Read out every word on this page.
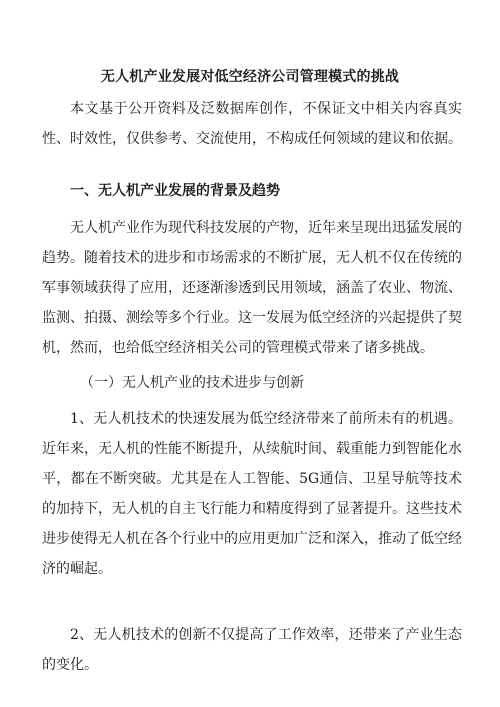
无人机产业发展对低空经济公司管理模式的挑战

本文基于公开资料及泛数据库创作，不保证文中相关内容真实性、时效性，仅供参考、交流使用，不构成任何领域的建议和依据。

一、无人机产业发展的背景及趋势

无人机产业作为现代科技发展的产物，近年来呈现出迅猛发展的趋势。随着技术的进步和市场需求的不断扩展，无人机不仅在传统的军事领域获得了应用，还逐渐渗透到民用领域，涵盖了农业、物流、监测、拍摄、测绘等多个行业。这一发展为低空经济的兴起提供了契机，然而，也给低空经济相关公司的管理模式带来了诸多挑战。

（一）无人机产业的技术进步与创新

1、无人机技术的快速发展为低空经济带来了前所未有的机遇。近年来，无人机的性能不断提升，从续航时间、载重能力到智能化水平，都在不断突破。尤其是在人工智能、5G通信、卫星导航等技术的加持下，无人机的自主飞行能力和精度得到了显著提升。这些技术进步使得无人机在各个行业中的应用更加广泛和深入，推动了低空经济的崛起。

2、无人机技术的创新不仅提高了工作效率，还带来了产业生态的变化。
